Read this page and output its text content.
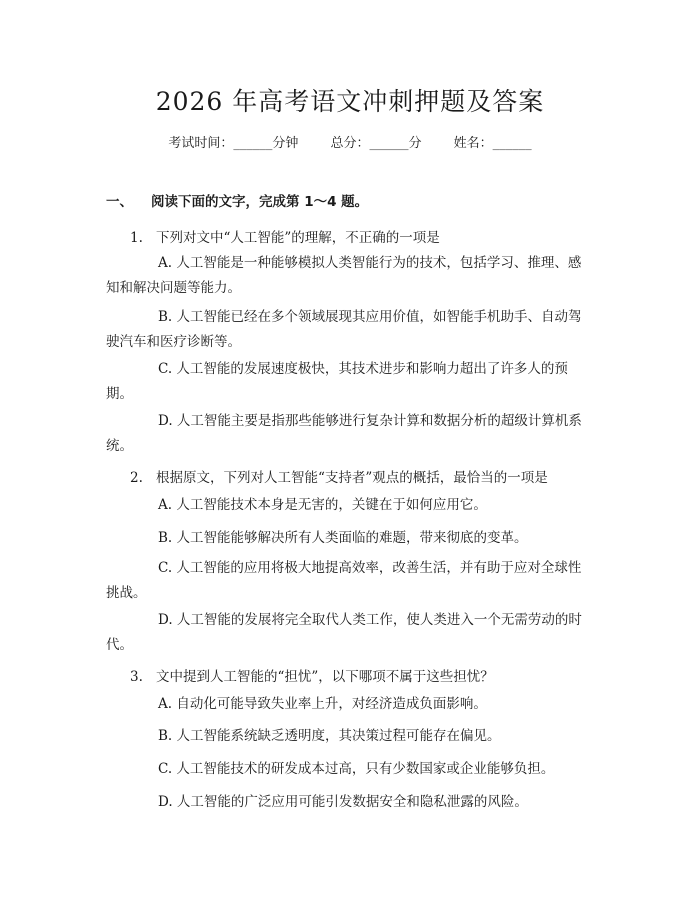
2026 年高考语文冲刺押题及答案
考试时间：______分钟 总分：______分 姓名：______
一、 阅读下面的文字，完成第 1～4 题。
1. 下列对文中“人工智能”的理解，不正确的一项是
A. 人工智能是一种能够模拟人类智能行为的技术，包括学习、推理、感知和解决问题等能力。
B. 人工智能已经在多个领域展现其应用价值，如智能手机助手、自动驾驶汽车和医疗诊断等。
C. 人工智能的发展速度极快，其技术进步和影响力超出了许多人的预期。
D. 人工智能主要是指那些能够进行复杂计算和数据分析的超级计算机系统。
2. 根据原文，下列对人工智能“支持者”观点的概括，最恰当的一项是
A. 人工智能技术本身是无害的，关键在于如何应用它。
B. 人工智能能够解决所有人类面临的难题，带来彻底的变革。
C. 人工智能的应用将极大地提高效率，改善生活，并有助于应对全球性挑战。
D. 人工智能的发展将完全取代人类工作，使人类进入一个无需劳动的时代。
3. 文中提到人工智能的“担忧”，以下哪项不属于这些担忧？
A. 自动化可能导致失业率上升，对经济造成负面影响。
B. 人工智能系统缺乏透明度，其决策过程可能存在偏见。
C. 人工智能技术的研发成本过高，只有少数国家或企业能够负担。
D. 人工智能的广泛应用可能引发数据安全和隐私泄露的风险。
